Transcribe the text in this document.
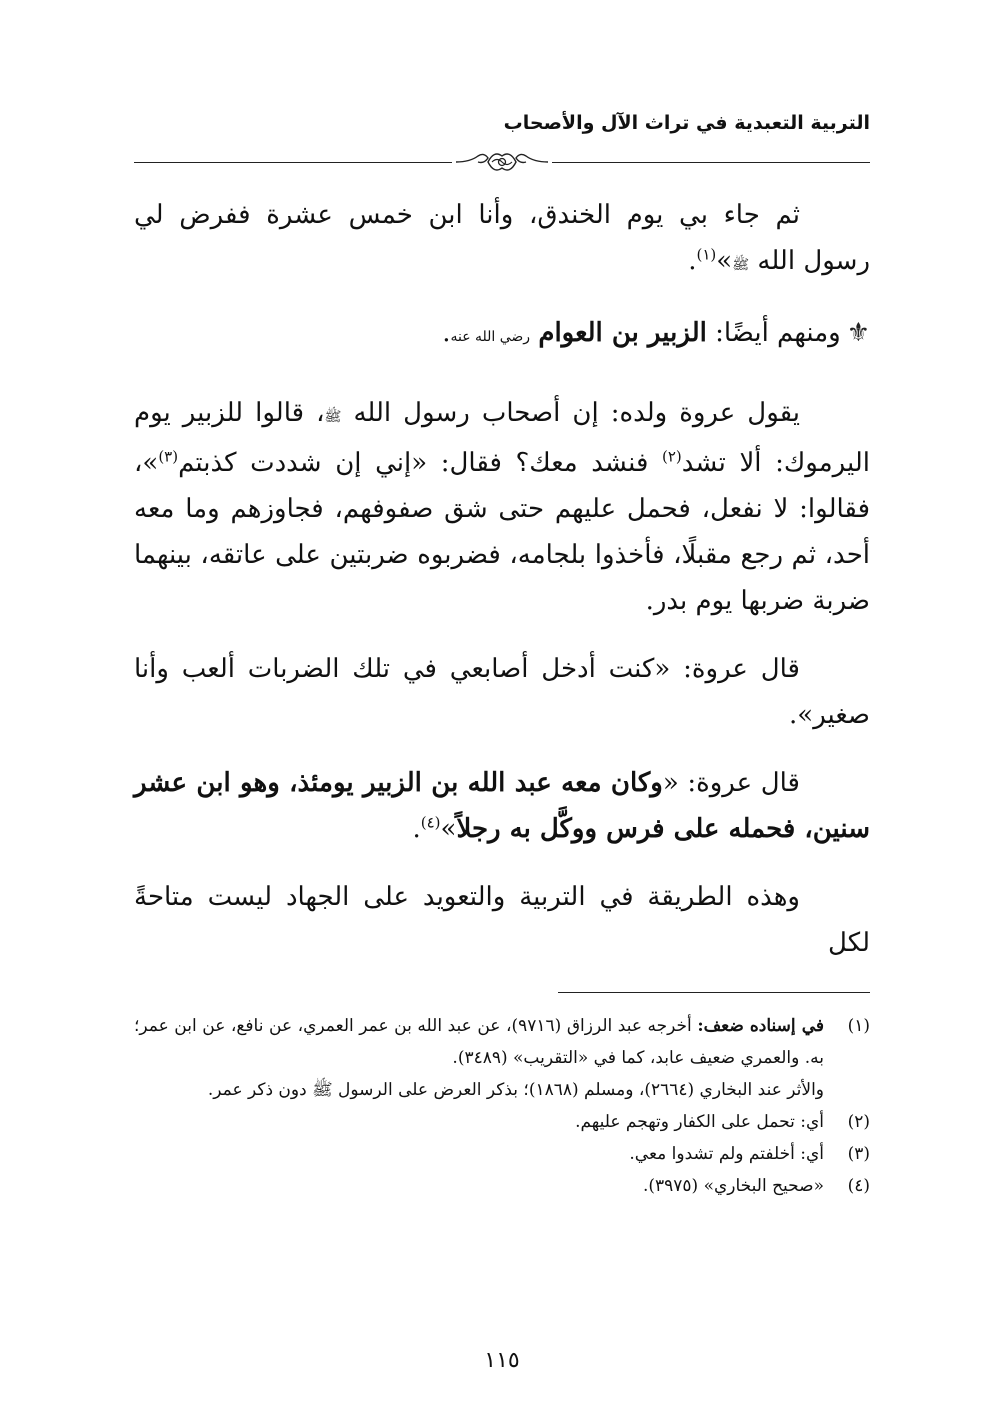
التربية التعبدية في تراث الآل والأصحاب

ثم جاء بي يوم الخندق، وأنا ابن خمس عشرة ففرض لي رسول الله ﷺ»$^{(١)}$.

⚜ومنهم أيضًا: الزبير بن العوام رضي الله عنه.

يقول عروة ولده: إن أصحاب رسول الله ﷺ، قالوا للزبير يوم اليرموك: ألا تشد$^{(٢)}$ فنشد معك؟ فقال: «إني إن شددت كذبتم$^{(٣)}$»، فقالوا: لا نفعل، فحمل عليهم حتى شق صفوفهم، فجاوزهم وما معه أحد، ثم رجع مقبلًا، فأخذوا بلجامه، فضربوه ضربتين على عاتقه، بينهما ضربة ضربها يوم بدر.

قال عروة: «كنت أدخل أصابعي في تلك الضربات ألعب وأنا صغير».

قال عروة: «وكان معه عبد الله بن الزبير يومئذ، وهو ابن عشر سنين، فحمله على فرس ووكَّل به رجلاً»$^{(٤)}$.

وهذه الطريقة في التربية والتعويد على الجهاد ليست متاحةً لكل

(١)

في إسناده ضعف: أخرجه عبد الرزاق (٩٧١٦)، عن عبد الله بن عمر العمري، عن نافع، عن ابن عمر؛ به. والعمري ضعيف عابد، كما في «التقريب» (٣٤٨٩).

والأثر عند البخاري (٢٦٦٤)، ومسلم (١٨٦٨)؛ بذكر العرض على الرسول ﷺ دون ذكر عمر.

(٢)
أي: تحمل على الكفار وتهجم عليهم.
(٣)
أي: أخلفتم ولم تشدوا معي.
(٤)
«صحيح البخاري» (٣٩٧٥).
١١٥
